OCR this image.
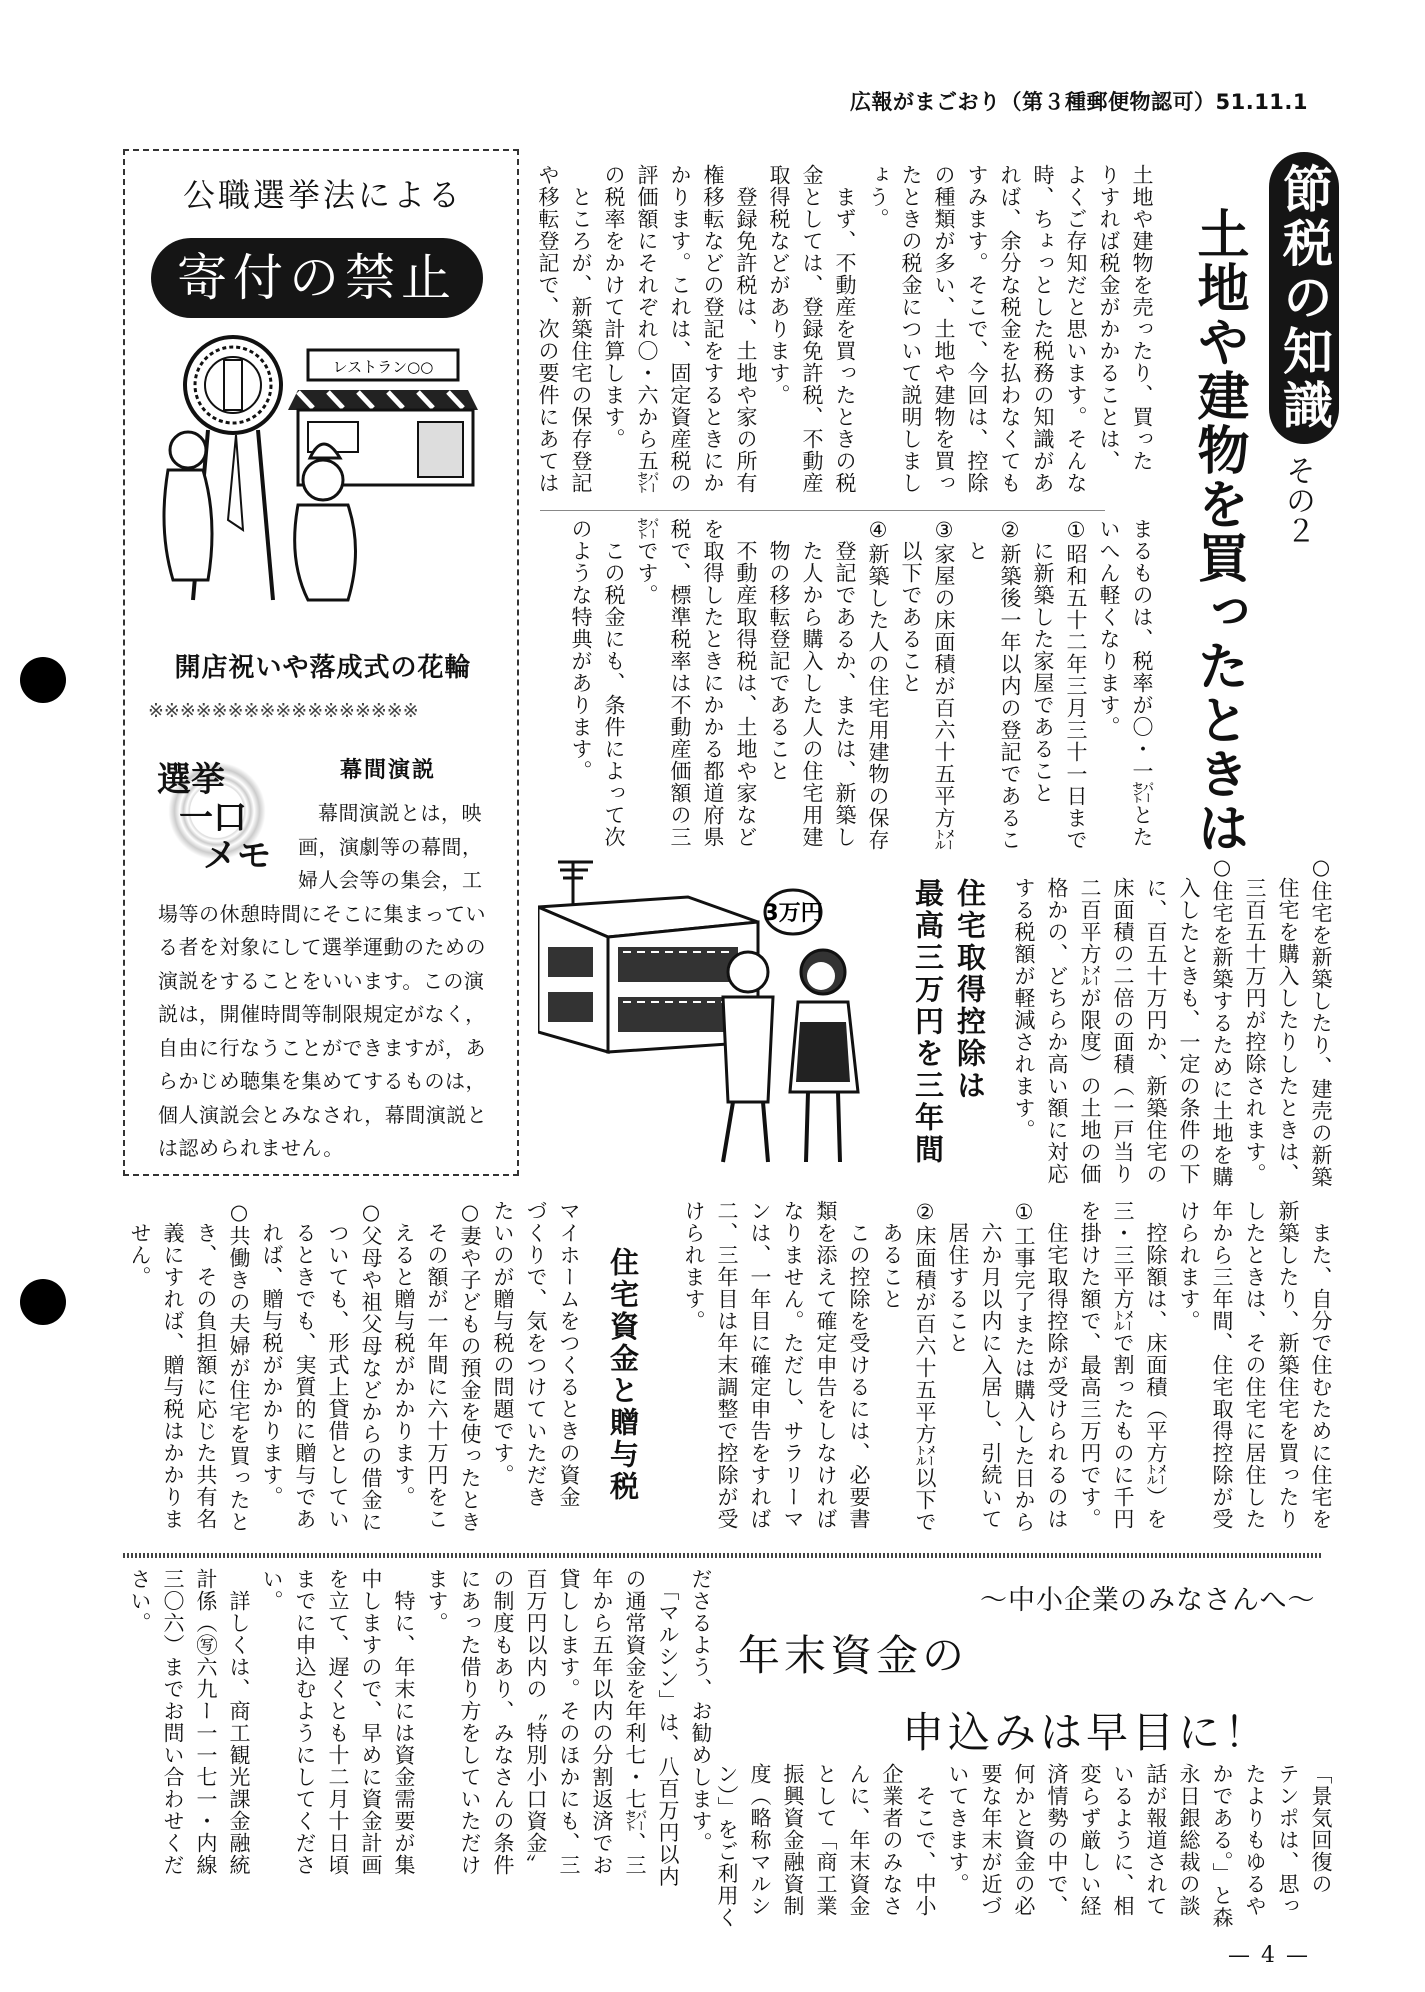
広報がまごおり（第３種郵便物認可）51.11.1
公職選挙法による
寄付の禁止
レストラン○○
開店祝いや落成式の花輪
※※※※※※※※※※※※※※※※※
選挙
一口
メモ
幕間演説
幕間演説とは，映
画，演劇等の幕間，
婦人会等の集会，工
場等の休憩時間にそこに集まってい
る者を対象にして選挙運動のための
演説をすることをいいます。この演
説は，開催時間等制限規定がなく，
自由に行なうことができますが，あ
らかじめ聴集を集めてするものは，
個人演説会とみなされ，幕間演説と
は認められません。
節税の知識
その２
土地や建物を買ったときは
土地や建物を売ったり、買った
りすれば税金がかかることは、
よくご存知だと思います。そんな
時、ちょっとした税務の知識があ
れば、余分な税金を払わなくても
すみます。そこで、今回は、控除
の種類が多い、土地や建物を買っ
たときの税金について説明しまし
ょう。
　まず、不動産を買ったときの税
金としては、登録免許税、不動産
取得税などがあります。
　登録免許税は、土地や家の所有
権移転などの登記をするときにか
かります。これは、固定資産税の
評価額にそれぞれ〇・六から五㌫
の税率をかけて計算します。
　ところが、新築住宅の保存登記
や移転登記で、次の要件にあては
まるものは、税率が〇・一㌫とた
いへん軽くなります。
①昭和五十二年三月三十一日まで
　に新築した家屋であること
②新築後一年以内の登記であるこ
　と
③家屋の床面積が百六十五平方㍍
　以下であること
④新築した人の住宅用建物の保存
　登記であるか、または、新築し
　た人から購入した人の住宅用建
　物の移転登記であること
　不動産取得税は、土地や家など
を取得したときにかかる都道府県
税で、標準税率は不動産価額の三
㌫です。
　この税金にも、条件によって次
のような特典があります。
○住宅を新築したり、建売の新築
　住宅を購入したりしたときは、
　三百五十万円が控除されます。
○住宅を新築するために土地を購
　入したときも、一定の条件の下
　に、百五十万円か、新築住宅の
　床面積の二倍の面積（一戸当り
　二百平方㍍が限度）の土地の価
　格かの、どちらか高い額に対応
　する税額が軽減されます。
住宅取得控除は
最高三万円を三年間
3万円
　また、自分で住むために住宅を
新築したり、新築住宅を買ったり
したときは、その住宅に居住した
年から三年間、住宅取得控除が受
けられます。
　控除額は、床面積（平方㍍）を
三・三平方㍍で割ったものに千円
を掛けた額で、最高三万円です。
　住宅取得控除が受けられるのは
①工事完了または購入した日から
　六か月以内に入居し、引続いて
　居住すること
②床面積が百六十五平方㍍以下で
　あること
　この控除を受けるには、必要書
類を添えて確定申告をしなければ
なりません。ただし、サラリーマ
ンは、一年目に確定申告をすれば
二、三年目は年末調整で控除が受
けられます。
住宅資金と贈与税
マイホームをつくるときの資金
づくりで、気をつけていただき
たいのが贈与税の問題です。
○妻や子どもの預金を使ったとき
　その額が一年間に六十万円をこ
　えると贈与税がかかります。
○父母や祖父母などからの借金に
　ついても、形式上貸借としてい
　るときでも、実質的に贈与であ
　れば、贈与税がかかります。
○共働きの夫婦が住宅を買ったと
　き、その負担額に応じた共有名
　義にすれば、贈与税はかかりま
　せん。
〜中小企業のみなさんへ〜
年末資金の
申込みは早目に！
「景気回復の
テンポは、思っ
たよりもゆるや
かである。」と森
永日銀総裁の談
話が報道されて
いるように、相
変らず厳しい経
済情勢の中で、
何かと資金の必
要な年末が近づ
いてきます。
　そこで、中小
企業者のみなさ
んに、年末資金
として「商工業
振興資金融資制
度（略称マルシ
ン）」をご利用く
ださるよう、お勧めします。
　「マルシン」は、八百万円以内
の通常資金を年利七・七㌫、三
年から五年以内の分割返済でお
貸しします。そのほかにも、三
百万円以内の〝特別小口資金〟
の制度もあり、みなさんの条件
にあった借り方をしていただけ
ます。
　特に、年末には資金需要が集
中しますので、早めに資金計画
を立て、遅くとも十二月十日頃
までに申込むようにしてくださ
い。
　詳しくは、商工観光課金融統
計係（㊢六九ー一一七一・内線
三〇六）までお問い合わせくだ
さい。
— 4 —
